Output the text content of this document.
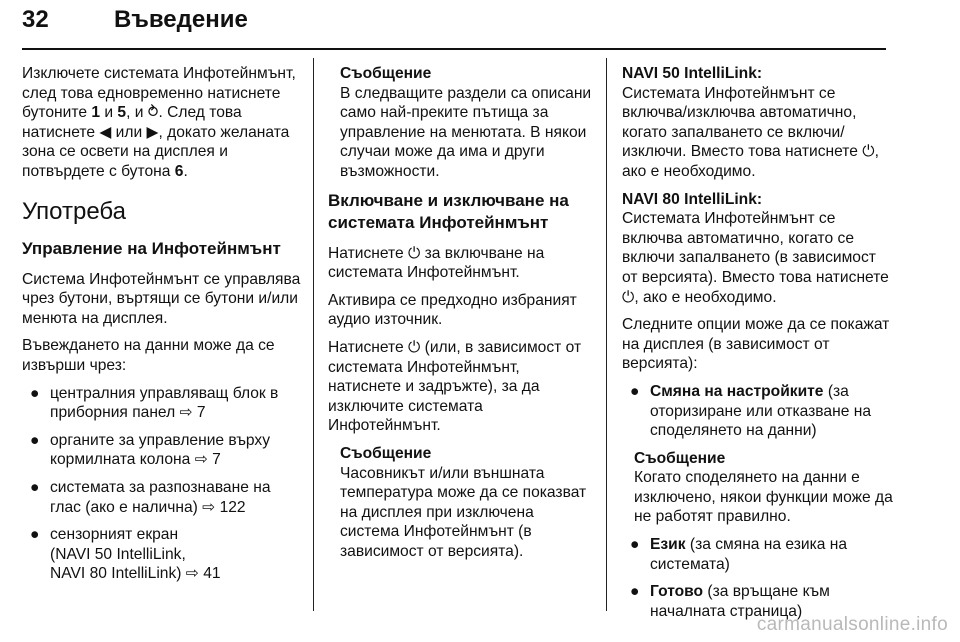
32	Въведение

Изключете системата Инфотейнмънт, след това едновременно натиснете бутоните 1 и 5, и ⥁. След това натиснете ◀ или ▶, докато желаната зона се освети на дисплея и потвърдете с бутона 6.

Употреба
Управление на Инфотейнмънт

Система Инфотейнмънт се управлява чрез бутони, въртящи се бутони и/или менюта на дисплея.

Въвеждането на данни може да се извърши чрез:

● централния управляващ блок в приборния панел ⇨ 7
● органите за управление върху кормилната колона ⇨ 7
● системата за разпознаване на глас (ако е налична) ⇨ 122
● сензорният екран
(NAVI 50 IntelliLink,
NAVI 80 IntelliLink) ⇨ 41

Съобщение
В следващите раздели са описани само най-преките пътища за управление на менютата. В някои случаи може да има и други възможности.

Включване и изключване на системата Инфотейнмънт

Натиснете ⏻ за включване на системата Инфотейнмънт.

Активира се предходно избраният аудио източник.

Натиснете ⏻ (или, в зависимост от системата Инфотейнмънт, натиснете и задръжте), за да изключите системата Инфотейнмънт.

Съобщение
Часовникът и/или външната температура може да се показват на дисплея при изключена система Инфотейнмънт (в зависимост от версията).

NAVI 50 IntelliLink:
Системата Инфотейнмънт се включва/изключва автоматично, когато запалването се включи/изключи. Вместо това натиснете ⏻, ако е необходимо.

NAVI 80 IntelliLink:
Системата Инфотейнмънт се включва автоматично, когато се включи запалването (в зависимост от версията). Вместо това натиснете ⏻, ако е необходимо.

Следните опции може да се покажат на дисплея (в зависимост от версията):

● Смяна на настройките (за оторизиране или отказване на споделянето на данни)

Съобщение
Когато споделянето на данни е изключено, някои функции може да не работят правилно.

● Език (за смяна на езика на системата)
● Готово (за връщане към началната страница)
carmanualsonline.info
